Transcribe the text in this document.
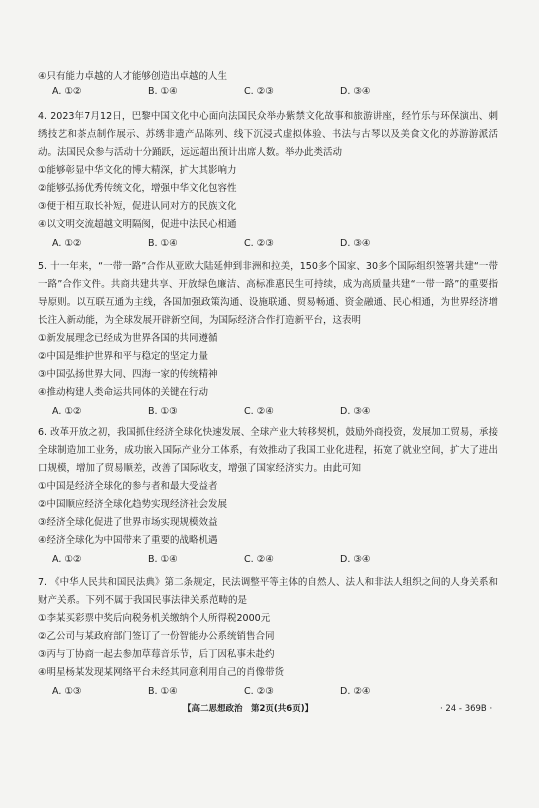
④只有能力卓越的人才能够创造出卓越的人生

A. ①②	B. ①④	C. ②③	D. ③④

4. 2023年7月12日，巴黎中国文化中心面向法国民众举办紫禁文化故事和旅游讲座，经竹乐与环保演出、刺绣技艺和茶点制作展示、苏绣非遗产品陈列、线下沉浸式虚拟体验、书法与古琴以及美食文化的苏游游派活动。法国民众参与活动十分踊跃，远远超出预计出席人数。举办此类活动

①能够彰显中华文化的博大精深，扩大其影响力

②能够弘扬优秀传统文化，增强中华文化包容性

③便于相互取长补短，促进认同对方的民族文化

④以文明交流超越文明隔阂，促进中法民心相通

A. ①②	B. ①④	C. ②③	D. ③④

5. 十一年来，“一带一路”合作从亚欧大陆延伸到非洲和拉美，150多个国家、30多个国际组织签署共建“一带一路”合作文件。共商共建共享、开放绿色廉洁、高标准惠民生可持续，成为高质量共建“一带一路”的重要指导原则。以互联互通为主线，各国加强政策沟通、设施联通、贸易畅通、资金融通、民心相通，为世界经济增长注入新动能，为全球发展开辟新空间，为国际经济合作打造新平台，这表明

①新发展理念已经成为世界各国的共同遵循

②中国是维护世界和平与稳定的坚定力量

③中国弘扬世界大同、四海一家的传统精神

④推动构建人类命运共同体的关键在行动

A. ①②	B. ①③	C. ②④	D. ③④

6. 改革开放之初，我国抓住经济全球化快速发展、全球产业大转移契机，鼓励外商投资，发展加工贸易，承接全球制造加工业务，成功嵌入国际产业分工体系，有效推动了我国工业化进程，拓宽了就业空间，扩大了进出口规模，增加了贸易顺差，改善了国际收支，增强了国家经济实力。由此可知

①中国是经济全球化的参与者和最大受益者

②中国顺应经济全球化趋势实现经济社会发展

③经济全球化促进了世界市场实现规模效益

④经济全球化为中国带来了重要的战略机遇

A. ①②	B. ①④	C. ②④	D. ③④

7. 《中华人民共和国民法典》第二条规定，民法调整平等主体的自然人、法人和非法人组织之间的人身关系和财产关系。下列不属于我国民事法律关系范畴的是

①李某买彩票中奖后向税务机关缴纳个人所得税2000元

②乙公司与某政府部门签订了一份智能办公系统销售合同

③丙与丁协商一起去参加草莓音乐节，后丁因私事未赴约

④明星杨某发现某网络平台未经其同意利用自己的肖像带货

A. ①③	B. ①④	C. ②③	D. ②④
【高二思想政治　第2页(共6页)】	· 24 - 369B ·
